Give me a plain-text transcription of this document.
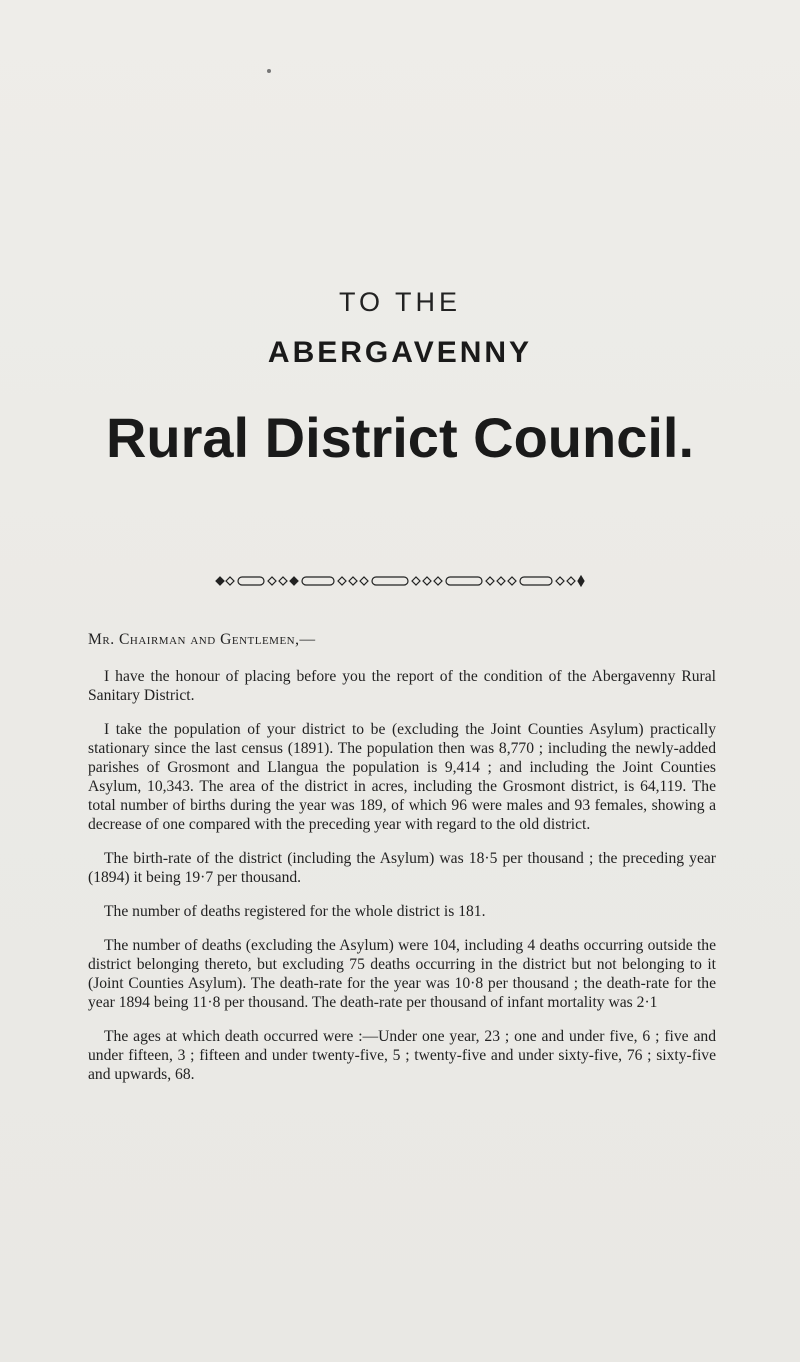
TO THE
ABERGAVENNY
Rural District Council.

Mr. Chairman and Gentlemen,—

I have the honour of placing before you the report of the condition of the Abergavenny Rural Sanitary District.

I take the population of your district to be (excluding the Joint Counties Asylum) practically stationary since the last census (1891). The population then was 8,770 ; including the newly-added parishes of Grosmont and Llangua the population is 9,414 ; and including the Joint Counties Asylum, 10,343. The area of the district in acres, including the Grosmont district, is 64,119. The total number of births during the year was 189, of which 96 were males and 93 females, showing a decrease of one compared with the preceding year with regard to the old district.

The birth-rate of the district (including the Asylum) was 18·5 per thousand ; the preceding year (1894) it being 19·7 per thousand.

The number of deaths registered for the whole district is 181.

The number of deaths (excluding the Asylum) were 104, including 4 deaths occurring outside the district belonging thereto, but excluding 75 deaths occurring in the district but not belonging to it (Joint Counties Asylum). The death-rate for the year was 10·8 per thousand ; the death-rate for the year 1894 being 11·8 per thousand. The death-rate per thousand of infant mortality was 2·1

The ages at which death occurred were :—Under one year, 23 ; one and under five, 6 ; five and under fifteen, 3 ; fifteen and under twenty-five, 5 ; twenty-five and under sixty-five, 76 ; sixty-five and upwards, 68.
